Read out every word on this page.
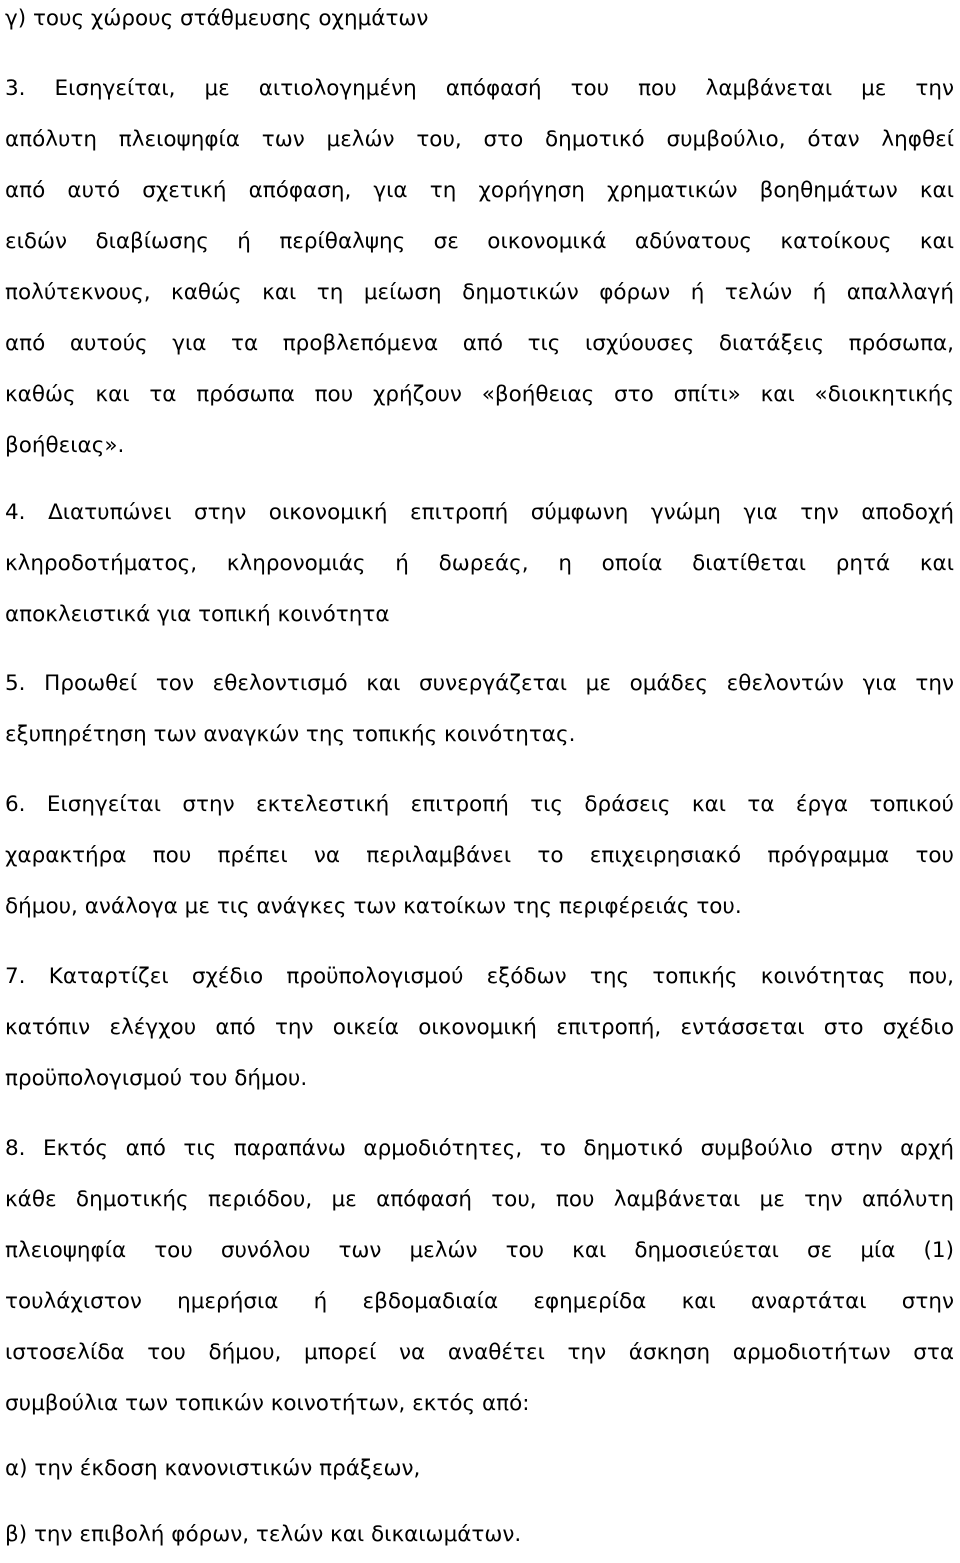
γ) τους χώρους στάθμευσης οχημάτων
3. Εισηγείται, με αιτιολογημένη απόφασή του που λαμβάνεται με την
απόλυτη πλειοψηφία των μελών του, στο δημοτικό συμβούλιο, όταν ληφθεί
από αυτό σχετική απόφαση, για τη χορήγηση χρηματικών βοηθημάτων και
ειδών διαβίωσης ή περίθαλψης σε οικονομικά αδύνατους κατοίκους και
πολύτεκνους, καθώς και τη μείωση δημοτικών φόρων ή τελών ή απαλλαγή
από αυτούς για τα προβλεπόμενα από τις ισχύουσες διατάξεις πρόσωπα,
καθώς και τα πρόσωπα που χρήζουν «βοήθειας στο σπίτι» και «διοικητικής
βοήθειας».
4. Διατυπώνει στην οικονομική επιτροπή σύμφωνη γνώμη για την αποδοχή
κληροδοτήματος, κληρονομιάς ή δωρεάς, η οποία διατίθεται ρητά και
αποκλειστικά για τοπική κοινότητα
5. Προωθεί τον εθελοντισμό και συνεργάζεται με ομάδες εθελοντών για την
εξυπηρέτηση των αναγκών της τοπικής κοινότητας.
6. Εισηγείται στην εκτελεστική επιτροπή τις δράσεις και τα έργα τοπικού
χαρακτήρα που πρέπει να περιλαμβάνει το επιχειρησιακό πρόγραμμα του
δήμου, ανάλογα με τις ανάγκες των κατοίκων της περιφέρειάς του.
7. Καταρτίζει σχέδιο προϋπολογισμού εξόδων της τοπικής κοινότητας που,
κατόπιν ελέγχου από την οικεία οικονομική επιτροπή, εντάσσεται στο σχέδιο
προϋπολογισμού του δήμου.
8. Εκτός από τις παραπάνω αρμοδιότητες, το δημοτικό συμβούλιο στην αρχή
κάθε δημοτικής περιόδου, με απόφασή του, που λαμβάνεται με την απόλυτη
πλειοψηφία του συνόλου των μελών του και δημοσιεύεται σε μία (1)
τουλάχιστον ημερήσια ή εβδομαδιαία εφημερίδα και αναρτάται στην
ιστοσελίδα του δήμου, μπορεί να αναθέτει την άσκηση αρμοδιοτήτων στα
συμβούλια των τοπικών κοινοτήτων, εκτός από:
α) την έκδοση κανονιστικών πράξεων,
β) την επιβολή φόρων, τελών και δικαιωμάτων.
